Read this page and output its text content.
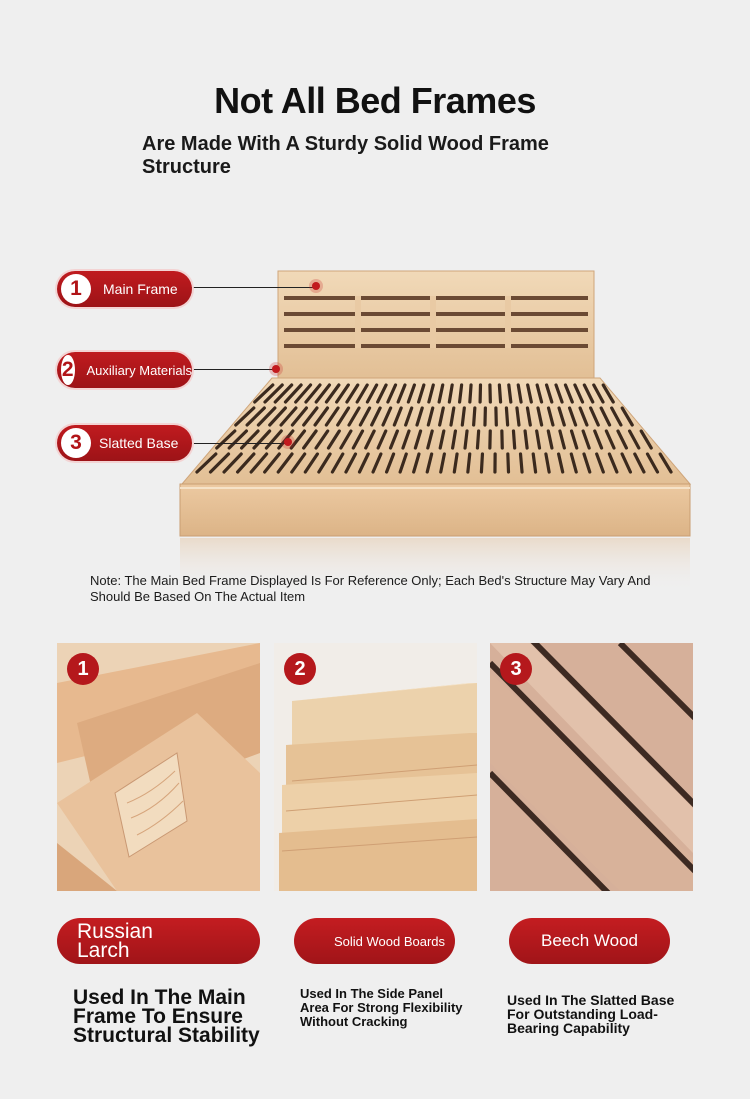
Not All Bed Frames
Are Made With A Sturdy Solid Wood Frame Structure
1	Main Frame
2 Auxiliary Materials
3	Slatted Base
Note: The Main Bed Frame Displayed Is For Reference Only; Each Bed's Structure May Vary And Should Be Based On The Actual Item
1	2	3
Russian Larch	Solid Wood Boards	Beech Wood
Used In The Main Frame To Ensure Structural Stability
Used In The Side Panel Area For Strong Flexibility Without Cracking
Used In The Slatted Base For Outstanding Load-Bearing Capability
